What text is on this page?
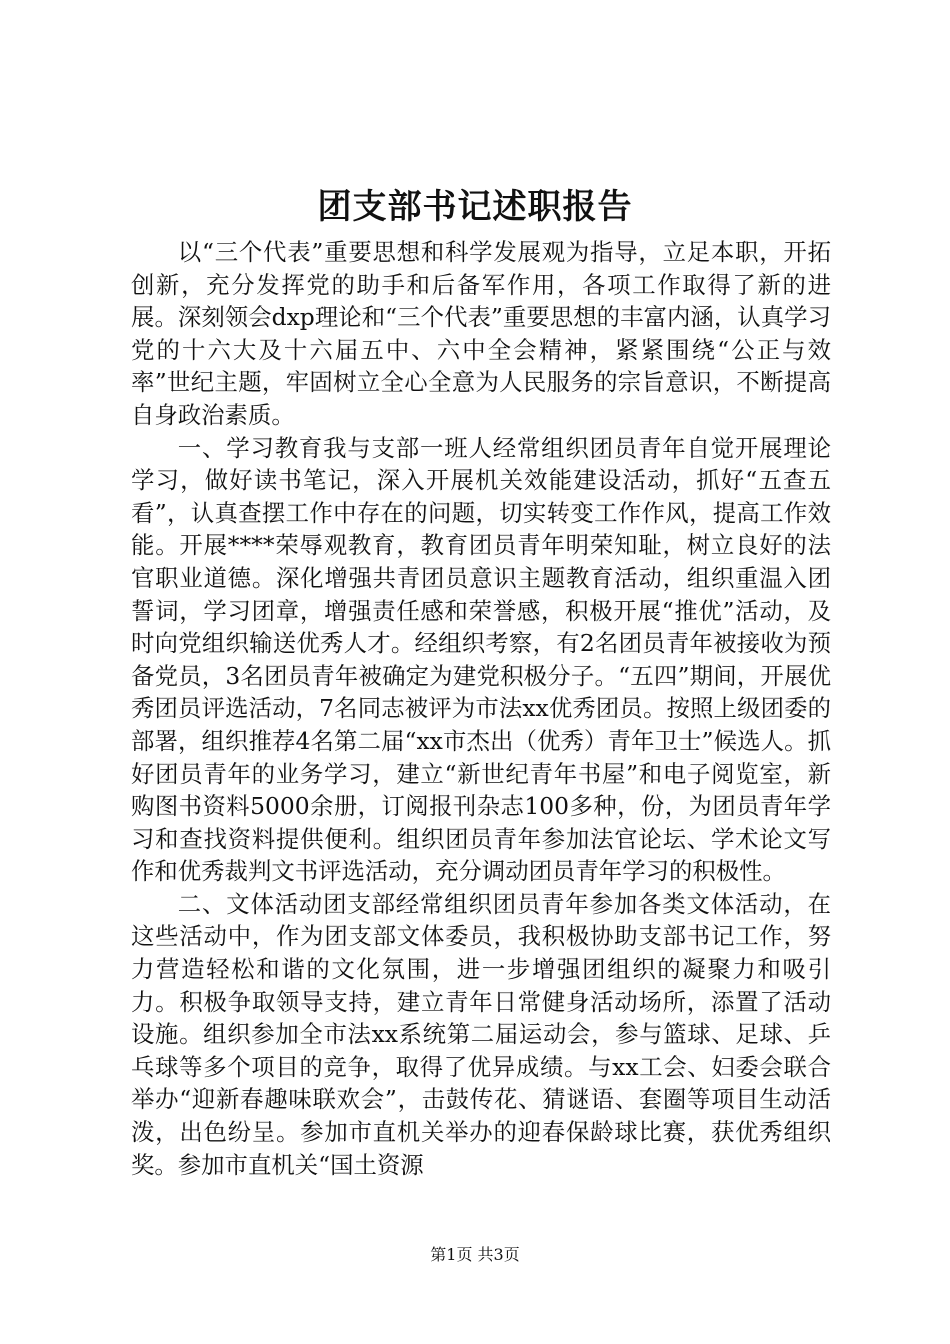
团支部书记述职报告

以“三个代表”重要思想和科学发展观为指导，立足本职，开拓创新，充分发挥党的助手和后备军作用，各项工作取得了新的进展。深刻领会dxp理论和“三个代表”重要思想的丰富内涵，认真学习党的十六大及十六届五中、六中全会精神，紧紧围绕“公正与效率”世纪主题，牢固树立全心全意为人民服务的宗旨意识，不断提高自身政治素质。

一、学习教育我与支部一班人经常组织团员青年自觉开展理论学习，做好读书笔记，深入开展机关效能建设活动，抓好“五查五看”，认真查摆工作中存在的问题，切实转变工作作风，提高工作效能。开展****荣辱观教育，教育团员青年明荣知耻，树立良好的法官职业道德。深化增强共青团员意识主题教育活动，组织重温入团誓词，学习团章，增强责任感和荣誉感，积极开展“推优”活动，及时向党组织输送优秀人才。经组织考察，有2名团员青年被接收为预备党员，3名团员青年被确定为建党积极分子。“五四”期间，开展优秀团员评选活动，7名同志被评为市法xx优秀团员。按照上级团委的部署，组织推荐4名第二届“xx市杰出（优秀）青年卫士”候选人。抓好团员青年的业务学习，建立“新世纪青年书屋”和电子阅览室，新购图书资料5000余册，订阅报刊杂志100多种，份，为团员青年学习和查找资料提供便利。组织团员青年参加法官论坛、学术论文写作和优秀裁判文书评选活动，充分调动团员青年学习的积极性。

二、文体活动团支部经常组织团员青年参加各类文体活动，在这些活动中，作为团支部文体委员，我积极协助支部书记工作，努力营造轻松和谐的文化氛围，进一步增强团组织的凝聚力和吸引力。积极争取领导支持，建立青年日常健身活动场所，添置了活动设施。组织参加全市法xx系统第二届运动会，参与篮球、足球、乒乓球等多个项目的竞争，取得了优异成绩。与xx工会、妇委会联合举办“迎新春趣味联欢会”，击鼓传花、猜谜语、套圈等项目生动活泼，出色纷呈。参加市直机关举办的迎春保龄球比赛，获优秀组织奖。参加市直机关“国土资源

第1页 共3页
